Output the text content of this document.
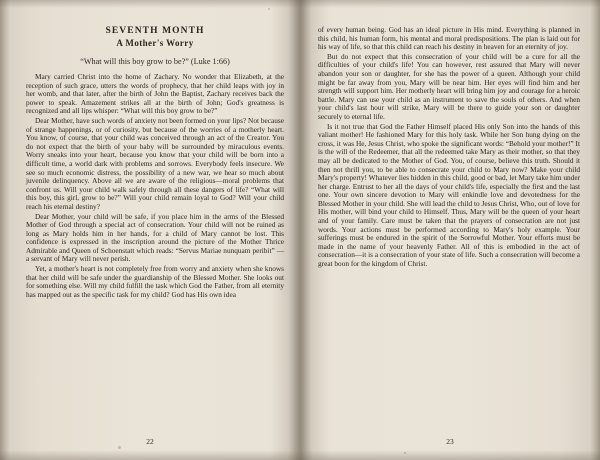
SEVENTH MONTH
A Mother's Worry

“What will this boy grow to be?” (Luke 1:66)

Mary carried Christ into the home of Zachary. No wonder that Elizabeth, at the reception of such grace, utters the words of prophecy, that her child leaps with joy in her womb, and that later, after the birth of John the Baptist, Zachary receives back the power to speak. Amazement strikes all at the birth of John; God's greatness is recognized and all lips whisper: “What will this boy grow to be?”

Dear Mother, have such words of anxiety not been formed on your lips? Not because of strange happenings, or of curiosity, but because of the worries of a motherly heart. You know, of course, that your child was conceived through an act of the Creator. You do not expect that the birth of your baby will be surrounded by miraculous events. Worry sneaks into your heart, because you know that your child will be born into a difficult time, a world dark with problems and sorrows. Everybody feels insecure. We see so much economic distress, the possibility of a new war, we hear so much about juvenile delinquency. Above all we are aware of the religious—moral problems that confront us. Will your child walk safely through all these dangers of life? “What will this boy, this girl, grow to be?” Will your child remain loyal to God? Will your child reach his eternal destiny?

Dear Mother, your child will be safe, if you place him in the arms of the Blessed Mother of God through a special act of consecration. Your child will not be ruined as long as Mary holds him in her hands, for a child of Mary cannot be lost. This confidence is expressed in the inscription around the picture of the Mother Thrice Admirable and Queen of Schoenstatt which reads: “Servus Mariae nunquam peribit” — a servant of Mary will never perish.

Yet, a mother's heart is not completely free from worry and anxiety when she knows that her child will be safe under the guardianship of the Blessed Mother. She looks out for something else. Will my child fulfill the task which God the Father, from all eternity has mapped out as the specific task for my child? God has His own idea

22

of every human being. God has an ideal picture in His mind. Everything is planned in this child, his human form, his mental and moral predispositions. The plan is laid out for his way of life, so that this child can reach his destiny in heaven for an eternity of joy.

But do not expect that this consecration of your child will be a cure for all the difficulties of your child's life! You can however, rest assured that Mary will never abandon your son or daughter, for she has the power of a queen. Although your child might be far away from you, Mary will be near him. Her eyes will find him and her strength will support him. Her motherly heart will bring him joy and courage for a heroic battle. Mary can use your child as an instrument to save the souls of others. And when your child's last hour will strike, Mary will be there to guide your son or daughter securely to eternal life.

Is it not true that God the Father Himself placed His only Son into the hands of this valiant mother! He fashioned Mary for this holy task. While her Son hung dying on the cross, it was He, Jesus Christ, who spoke the significant words: “Behold your mother!” It is the will of the Redeemer, that all the redeemed take Mary as their mother, so that they may all be dedicated to the Mother of God. You, of course, believe this truth. Should it then not thrill you, to be able to consecrate your child to Mary now? Make your child Mary's property! Whatever lies hidden in this child, good or bad, let Mary take him under her charge. Entrust to her all the days of your child's life, especially the first and the last one. Your own sincere devotion to Mary will enkindle love and devotedness for the Blessed Mother in your child. She will lead the child to Jesus Christ, Who, out of love for His mother, will bind your child to Himself. Thus, Mary will be the queen of your heart and of your family. Care must be taken that the prayers of consecration are not just words. Your actions must be performed according to Mary's holy example. Your sufferings must be endured in the spirit of the Sorrowful Mother. Your efforts must be made in the name of your heavenly Father. All of this is embodied in the act of consecration—it is a consecration of your state of life. Such a consecration will become a great boon for the kingdom of Christ.

23
